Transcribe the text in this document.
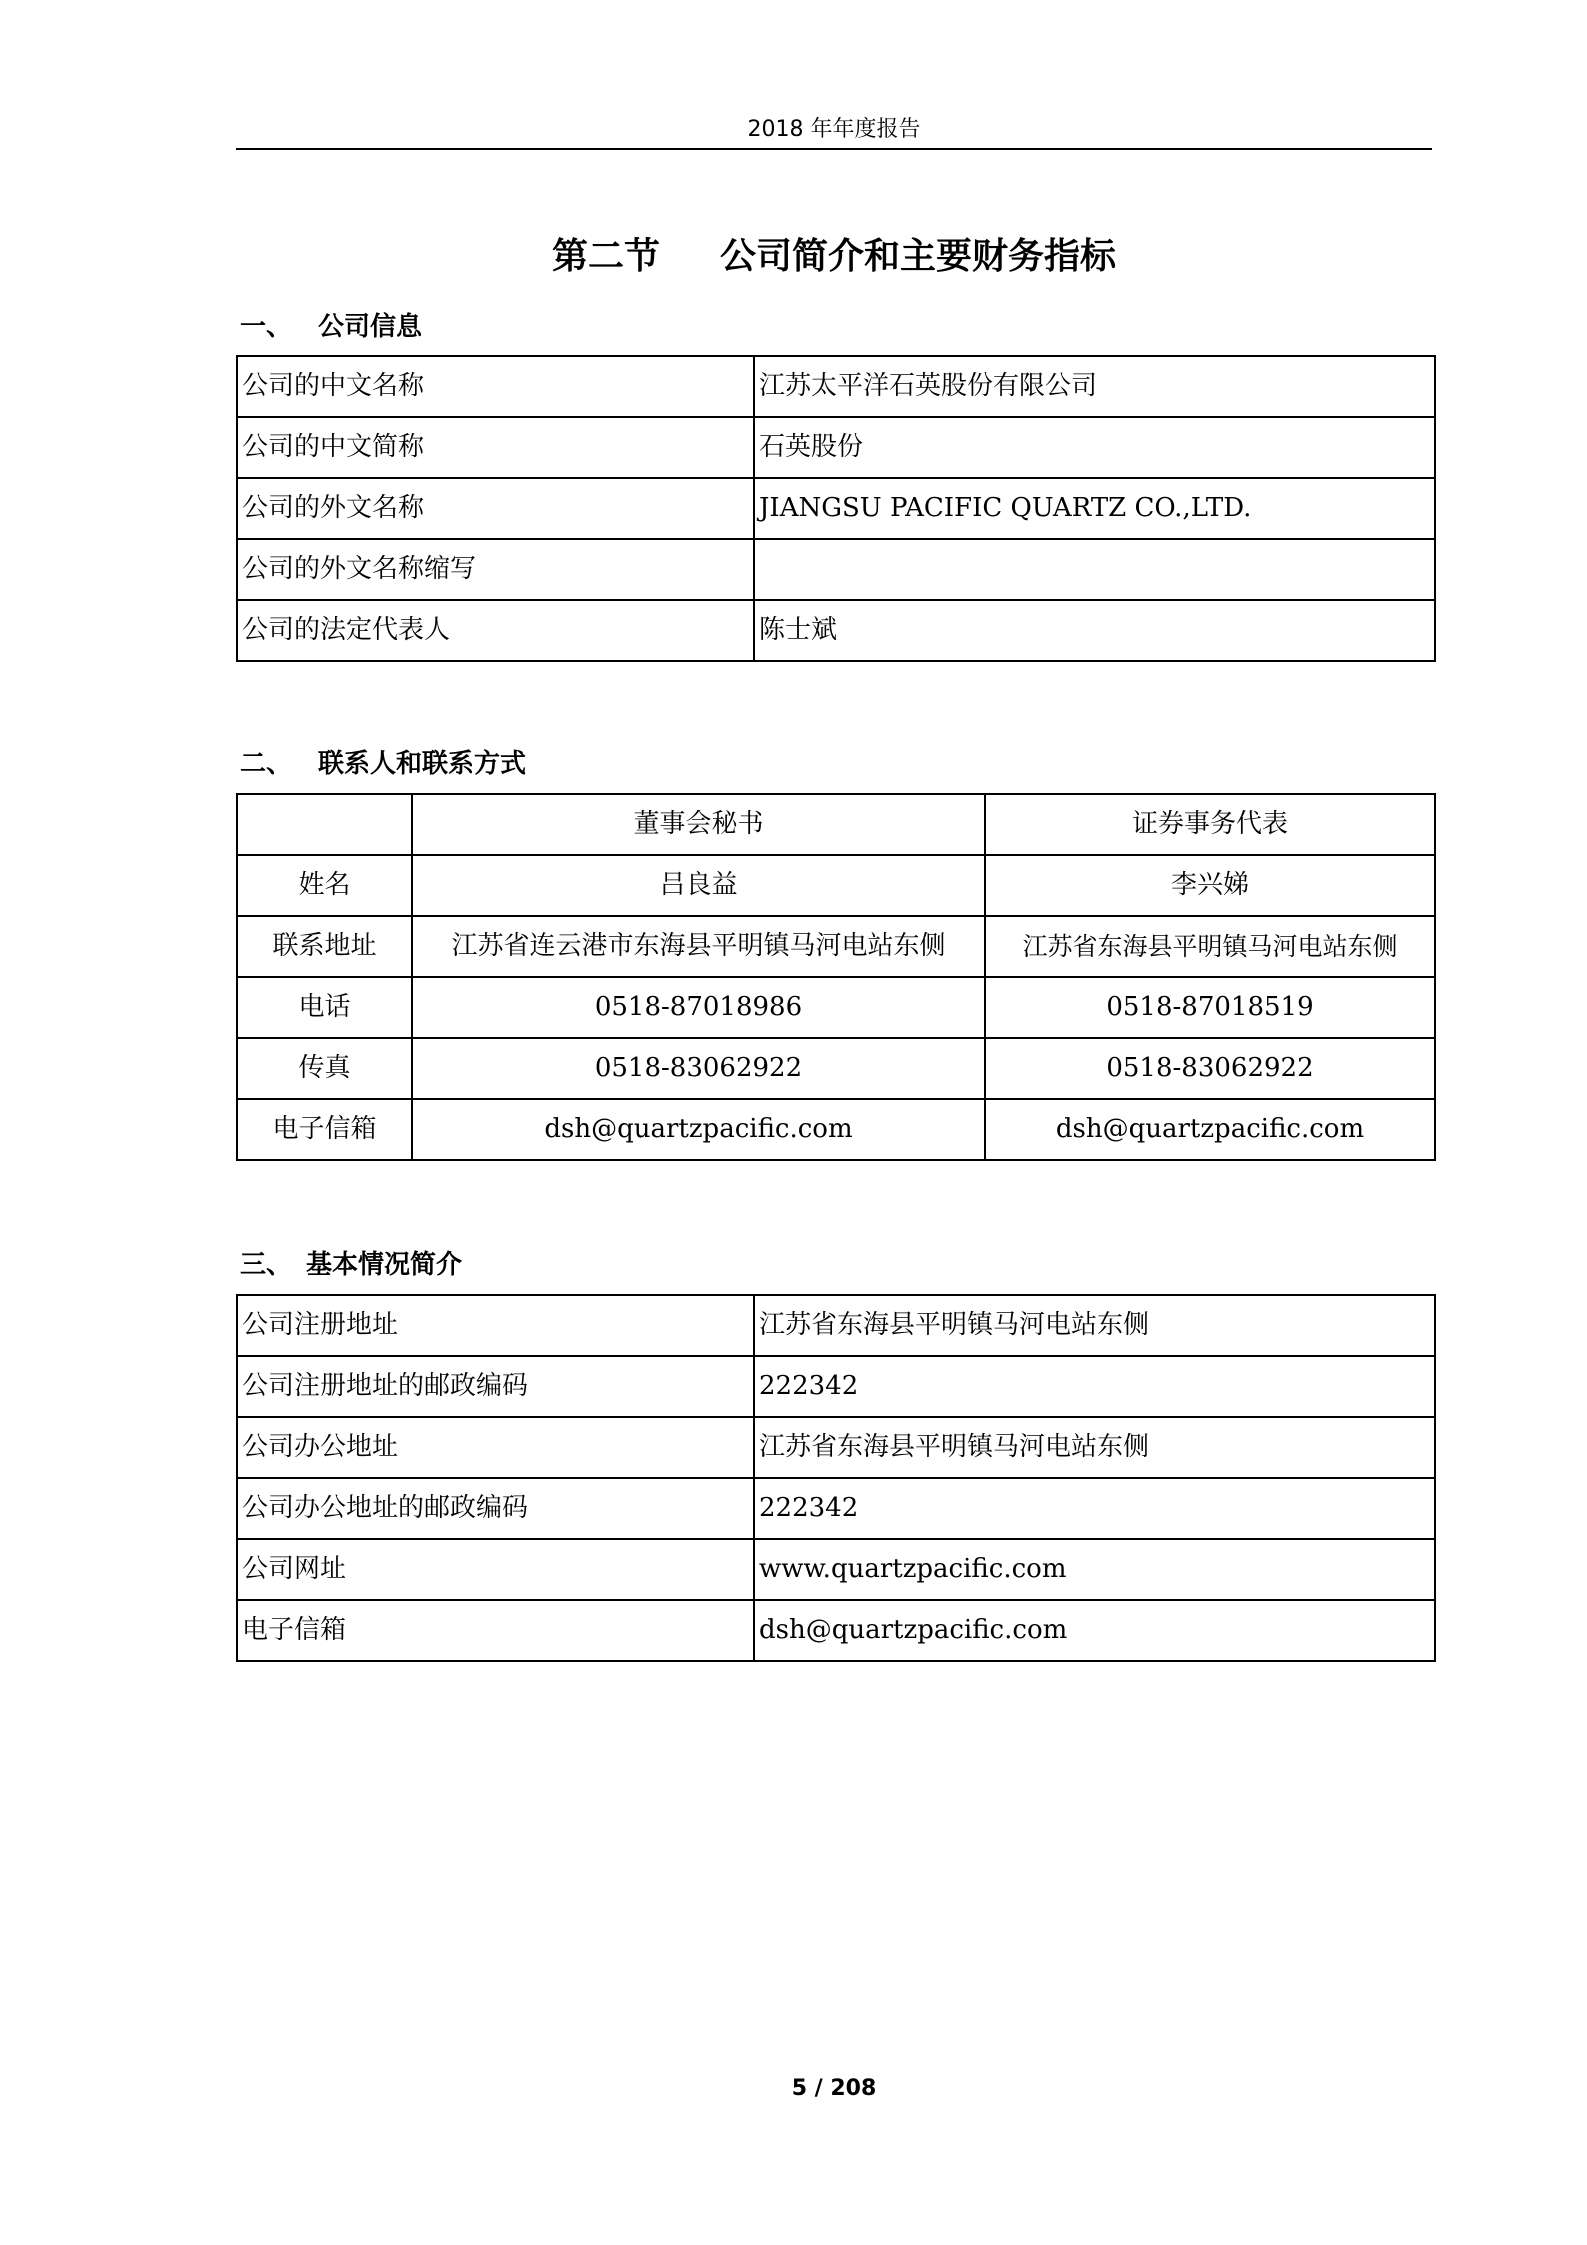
2018 年年度报告
第二节 公司简介和主要财务指标
一、 公司信息
公司的中文名称	江苏太平洋石英股份有限公司
公司的中文简称	石英股份
公司的外文名称	JIANGSU PACIFIC QUARTZ CO.,LTD.
公司的外文名称缩写	
公司的法定代表人	陈士斌
二、 联系人和联系方式
	董事会秘书	证券事务代表
姓名	吕良益	李兴娣
联系地址	江苏省连云港市东海县平明镇马河电站东侧	江苏省东海县平明镇马河电站东侧
电话	0518-87018986	0518-87018519
传真	0518-83062922	0518-83062922
电子信箱	dsh@quartzpacific.com	dsh@quartzpacific.com
三、 基本情况简介
公司注册地址	江苏省东海县平明镇马河电站东侧
公司注册地址的邮政编码	222342
公司办公地址	江苏省东海县平明镇马河电站东侧
公司办公地址的邮政编码	222342
公司网址	www.quartzpacific.com
电子信箱	dsh@quartzpacific.com
5 / 208
